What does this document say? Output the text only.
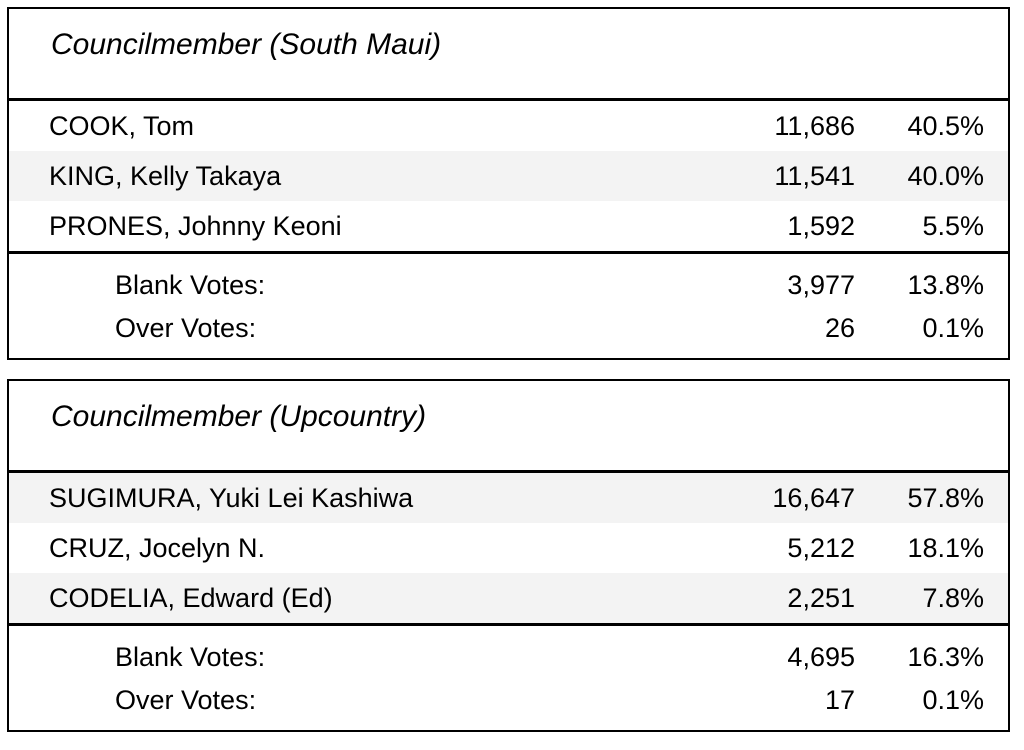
Councilmember (South Maui)
COOK, Tom	11,686 40.5%
KING, Kelly Takaya	11,541 40.0%
PRONES, Johnny Keoni	1,592 5.5%
Blank Votes:	3,977 13.8%
Over Votes:	26 0.1%
Councilmember (Upcountry)
SUGIMURA, Yuki Lei Kashiwa	16,647 57.8%
CRUZ, Jocelyn N.	5,212 18.1%
CODELIA, Edward (Ed)	2,251 7.8%
Blank Votes:	4,695 16.3%
Over Votes:	17 0.1%
